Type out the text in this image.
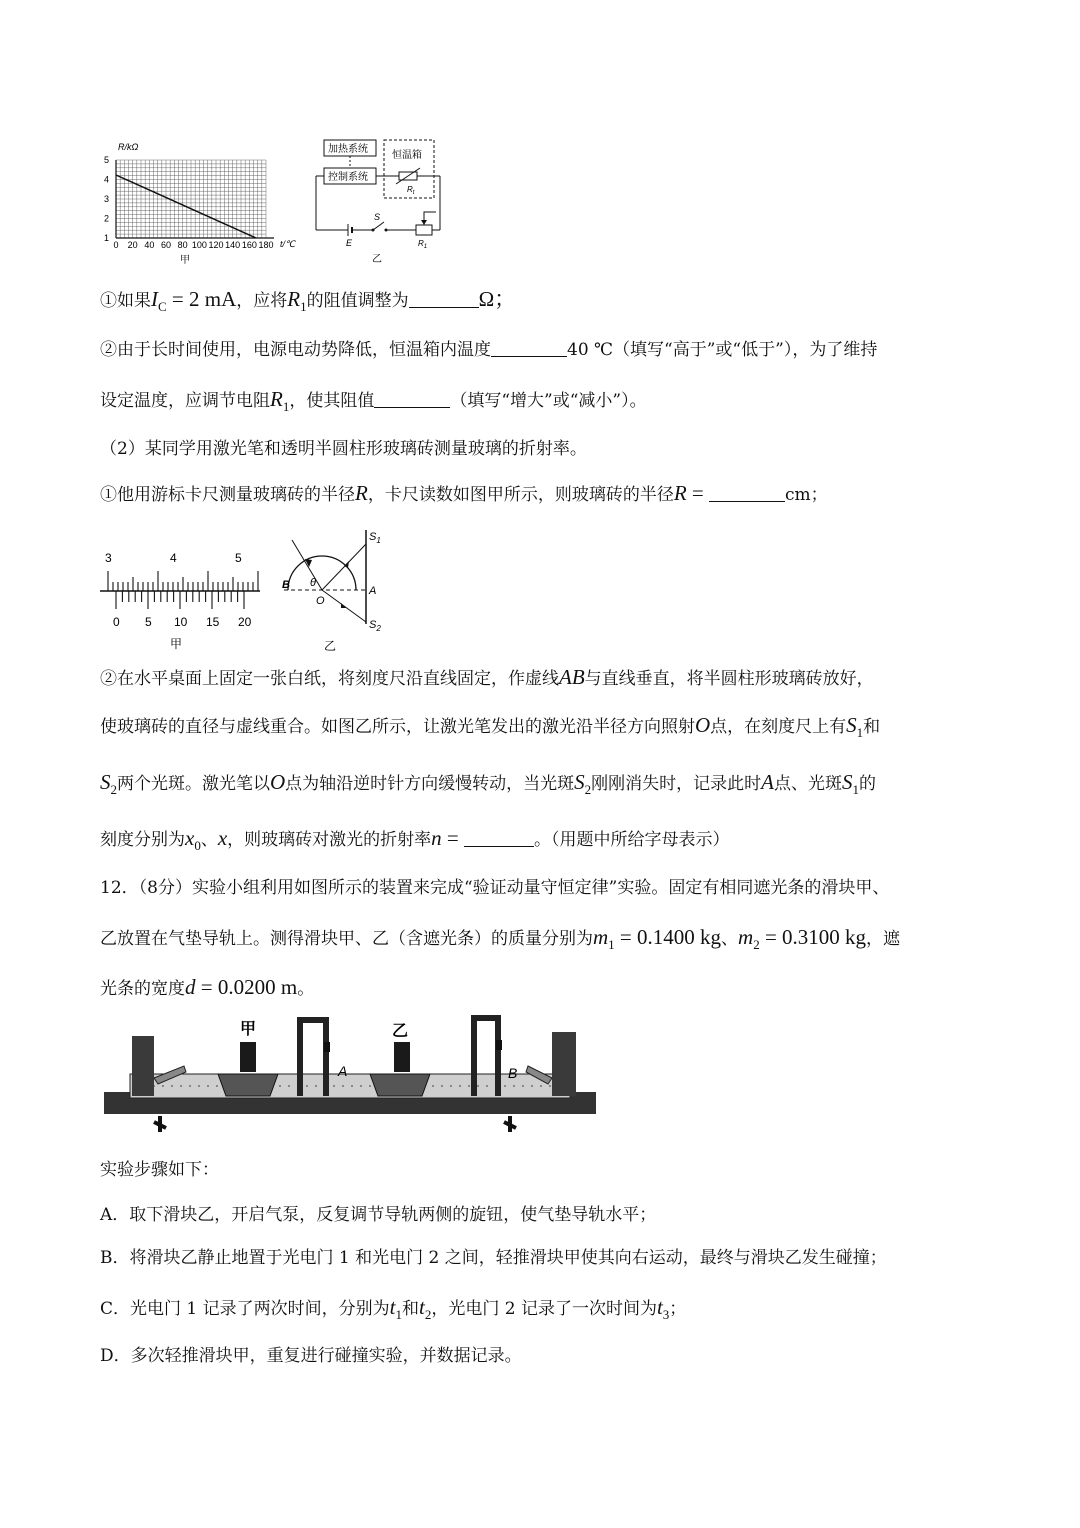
R/kΩ
1
2
3
4
5
0 20 40 60 80 100 120 140 160 180 t/℃
甲
加热系统
控制系统
恒温箱
$R_t$
E
S
$R_1$
乙
①如果$I_C = 2$ mA，应将$R_1$的阻值调整为	Ω；
②由于长时间使用，电源电动势降低，恒温箱内温度	40 ℃（填写“高于”或“低于”），为了维持
设定温度，应调节电阻$R_1$，使其阻值	（填写“增大”或“减小”）。
（2）某同学用激光笔和透明半圆柱形玻璃砖测量玻璃的折射率。
①他用游标卡尺测量玻璃砖的半径R，卡尺读数如图甲所示，则玻璃砖的半径R =	cm；
3	4	5
0 5 10 15 20
甲
B θ
O
A
$S_1$
$S_2$
乙
②在水平桌面上固定一张白纸，将刻度尺沿直线固定，作虚线AB与直线垂直，将半圆柱形玻璃砖放好，
使玻璃砖的直径与虚线重合。如图乙所示，让激光笔发出的激光沿半径方向照射O点，在刻度尺上有$S_1$和
$S_2$两个光斑。激光笔以O点为轴沿逆时针方向缓慢转动，当光斑$S_2$刚刚消失时，记录此时A点、光斑$S_1$的
刻度分别为$x_0$、x，则玻璃砖对激光的折射率n =	。（用题中所给字母表示）
12．（8分）实验小组利用如图所示的装置来完成“验证动量守恒定律”实验。固定有相同遮光条的滑块甲、
乙放置在气垫导轨上。测得滑块甲、乙（含遮光条）的质量分别为$m_1 = 0.1400$ kg、$m_2 = 0.3100$ kg，遮
光条的宽度d = 0.0200 m。
甲
A
乙
B
实验步骤如下：
A．取下滑块乙，开启气泵，反复调节导轨两侧的旋钮，使气垫导轨水平；
B．将滑块乙静止地置于光电门 1 和光电门 2 之间，轻推滑块甲使其向右运动，最终与滑块乙发生碰撞；
C．光电门 1 记录了两次时间，分别为$t_1$和$t_2$，光电门 2 记录了一次时间为$t_3$；
D．多次轻推滑块甲，重复进行碰撞实验，并数据记录。
